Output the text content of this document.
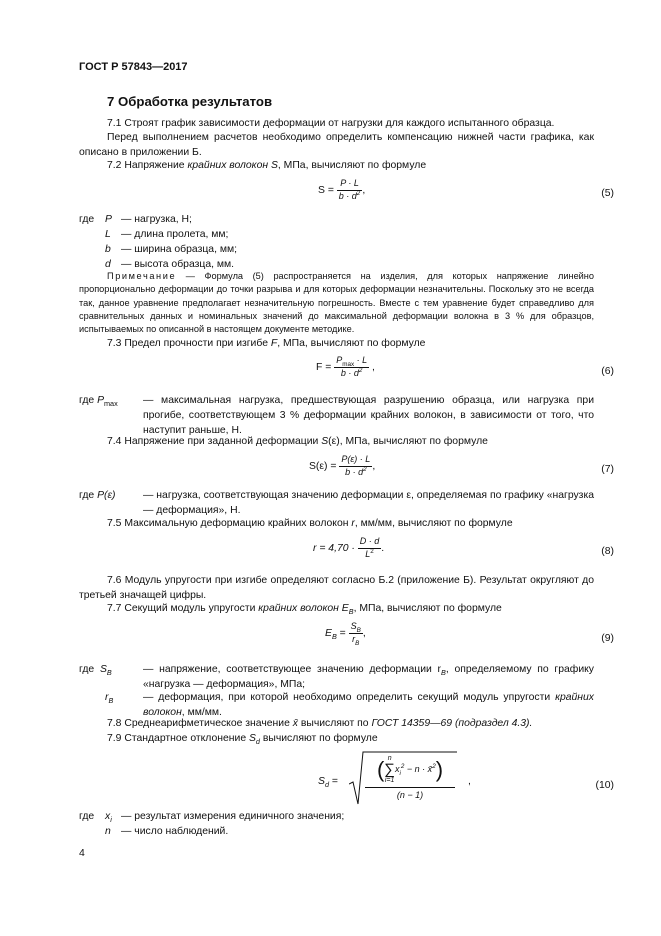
ГОСТ Р 57843—2017
7 Обработка результатов
7.1 Строят график зависимости деформации от нагрузки для каждого испытанного образца.
Перед выполнением расчетов необходимо определить компенсацию нижней части графика, как описано в приложении Б.
7.2 Напряжение крайних волокон S, МПа, вычисляют по формуле
$S = \frac{P \cdot L}{b \cdot d^2}$ ,	(5)
где P — нагрузка, Н;
L — длина пролета, мм;
b — ширина образца, мм;
d — высота образца, мм.
Примечание — Формула (5) распространяется на изделия, для которых напряжение линейно пропорционально деформации до точки разрыва и для которых деформации незначительны. Поскольку это не всегда так, данное уравнение предполагает незначительную погрешность. Вместе с тем уравнение будет справедливо для сравнительных данных и номинальных значений до максимальной деформации волокна в 3 % для образцов, испытываемых по описанной в настоящем документе методике.
7.3 Предел прочности при изгибе F, МПа, вычисляют по формуле
$F = \frac{P_{max} \cdot L}{b \cdot d^2}$ ,	(6)
где $P_{max}$ — максимальная нагрузка, предшествующая разрушению образца, или нагрузка при прогибе, соответствующем 3 % деформации крайних волокон, в зависимости от того, что наступит раньше, Н.
7.4 Напряжение при заданной деформации S(ε), МПа, вычисляют по формуле
$S(\varepsilon) = \frac{P(\varepsilon) \cdot L}{b \cdot d^2}$ ,	(7)
где P(ε)	— нагрузка, соответствующая значению деформации ε, определяемая по графику «нагрузка — деформация», Н.
7.5 Максимальную деформацию крайних волокон r, мм/мм, вычисляют по формуле
$r = 4,70 \cdot \frac{D \cdot d}{L^2}$ .	(8)
7.6 Модуль упругости при изгибе определяют согласно Б.2 (приложение Б). Результат округляют до третьей значащей цифры.
7.7 Секущий модуль упругости крайних волокон $E_B$, МПа, вычисляют по формуле
$E_B = \frac{S_B}{r_B}$ ,	(9)
где $S_B$	— напряжение, соответствующее значению деформации $r_B$, определяемому по графику «нагрузка — деформация», МПа;
$r_B$	— деформация, при которой необходимо определить секущий модуль упругости крайних волокон, мм/мм.
7.8 Среднеарифметическое значение x̄ вычисляют по ГОСТ 14359—69 (подраздел 4.3).
7.9 Стандартное отклонение $S_d$ вычисляют по формуле
$S_d$ =	( n
∑
i=1
$x_i^2 - n$ · x̄$^2$)
(n − 1)
,	(10)
где $x_i$ — результат измерения единичного значения;
n — число наблюдений.
4
